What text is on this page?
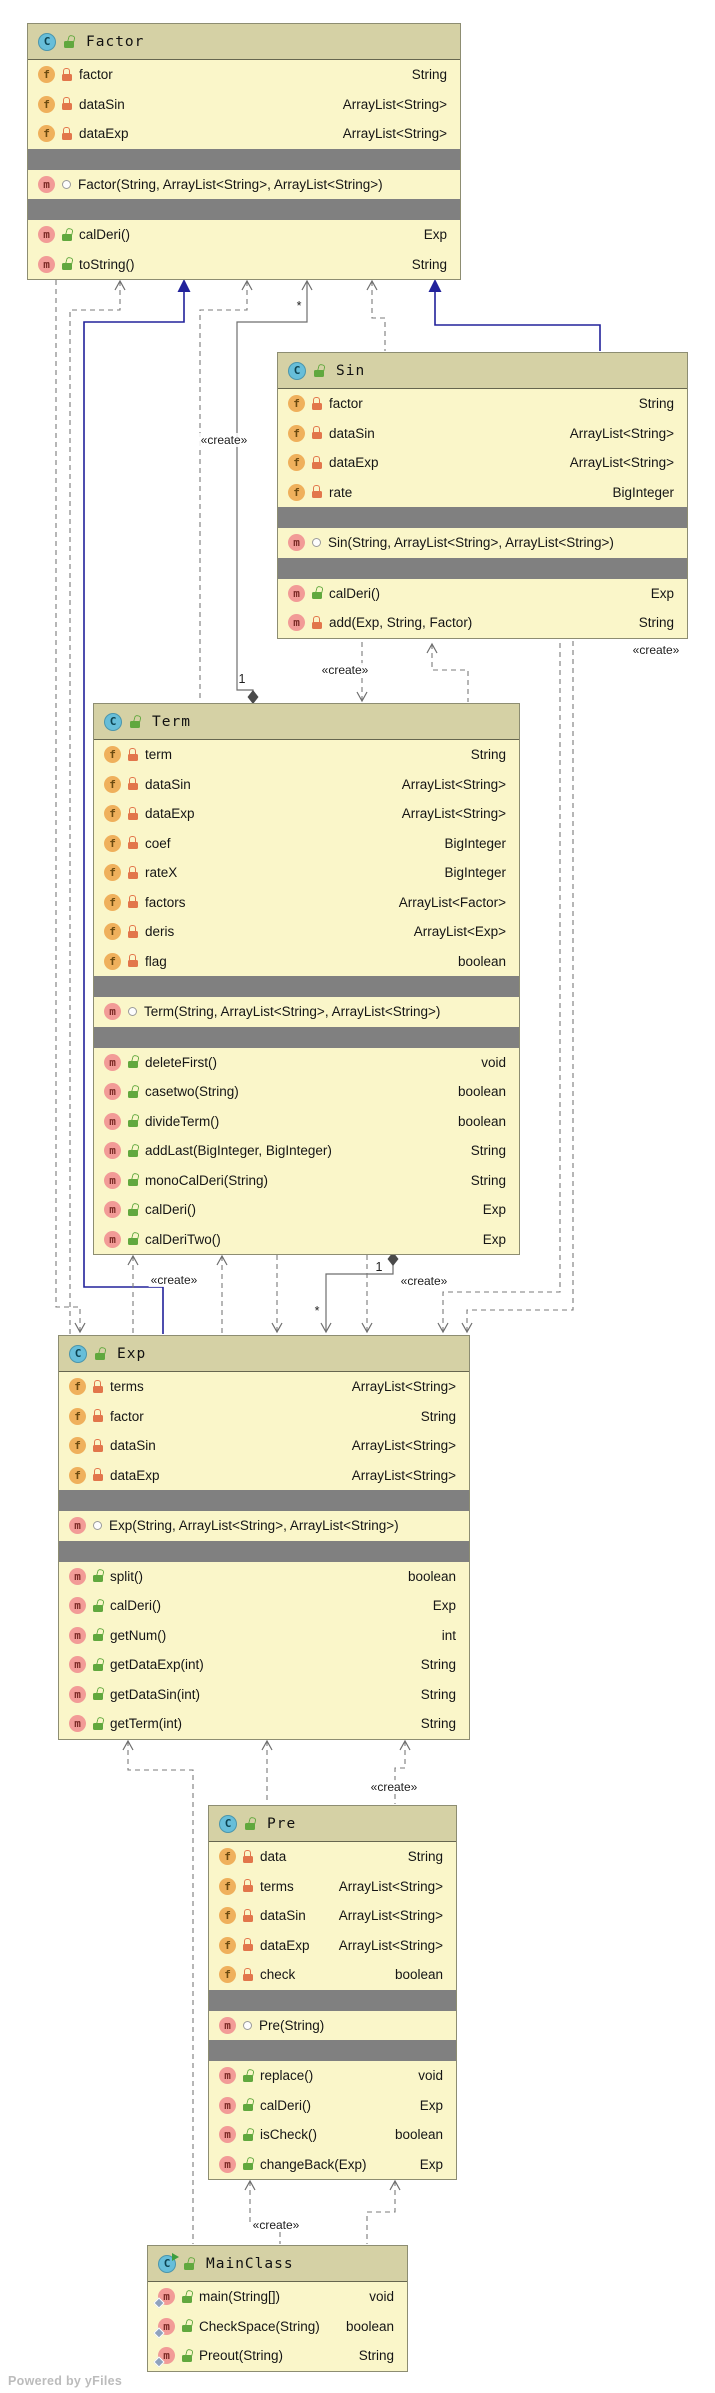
C	Factor
f	factor	String
f	dataSin	ArrayList<String>
f	dataExp	ArrayList<String>
m	Factor(String, ArrayList<String>, ArrayList<String>)
m	calDeri()	Exp
m	toString()	String
C	Sin
f	factor	String
f	dataSin	ArrayList<String>
f	dataExp	ArrayList<String>
f	rate	BigInteger
m	Sin(String, ArrayList<String>, ArrayList<String>)
m	calDeri()	Exp
m	add(Exp, String, Factor)	String
C	Term
f	term	String
f	dataSin	ArrayList<String>
f	dataExp	ArrayList<String>
f	coef	BigInteger
f	rateX	BigInteger
f	factors	ArrayList<Factor>
f	deris	ArrayList<Exp>
f	flag	boolean
m	Term(String, ArrayList<String>, ArrayList<String>)
m	deleteFirst()	void
m	casetwo(String)	boolean
m	divideTerm()	boolean
m	addLast(BigInteger, BigInteger)	String
m	monoCalDeri(String)	String
m	calDeri()	Exp
m	calDeriTwo()	Exp
C	Exp
f	terms	ArrayList<String>
f	factor	String
f	dataSin	ArrayList<String>
f	dataExp	ArrayList<String>
m	Exp(String, ArrayList<String>, ArrayList<String>)
m	split()	boolean
m	calDeri()	Exp
m	getNum()	int
m	getDataExp(int)	String
m	getDataSin(int)	String
m	getTerm(int)	String
C	Pre
f	data	String
f	terms	ArrayList<String>
f	dataSin	ArrayList<String>
f	dataExp	ArrayList<String>
f	check	boolean
m	Pre(String)
m	replace()	void
m	calDeri()	Exp
m	isCheck()	boolean
m	changeBack(Exp)	Exp
C	MainClass
m	main(String[])	void
m	CheckSpace(String)	boolean
m	Preout(String)	String
«create»
«create»
«create»
«create»	«create»
«create»
«create»
*
1
1
*
Powered by yFiles
